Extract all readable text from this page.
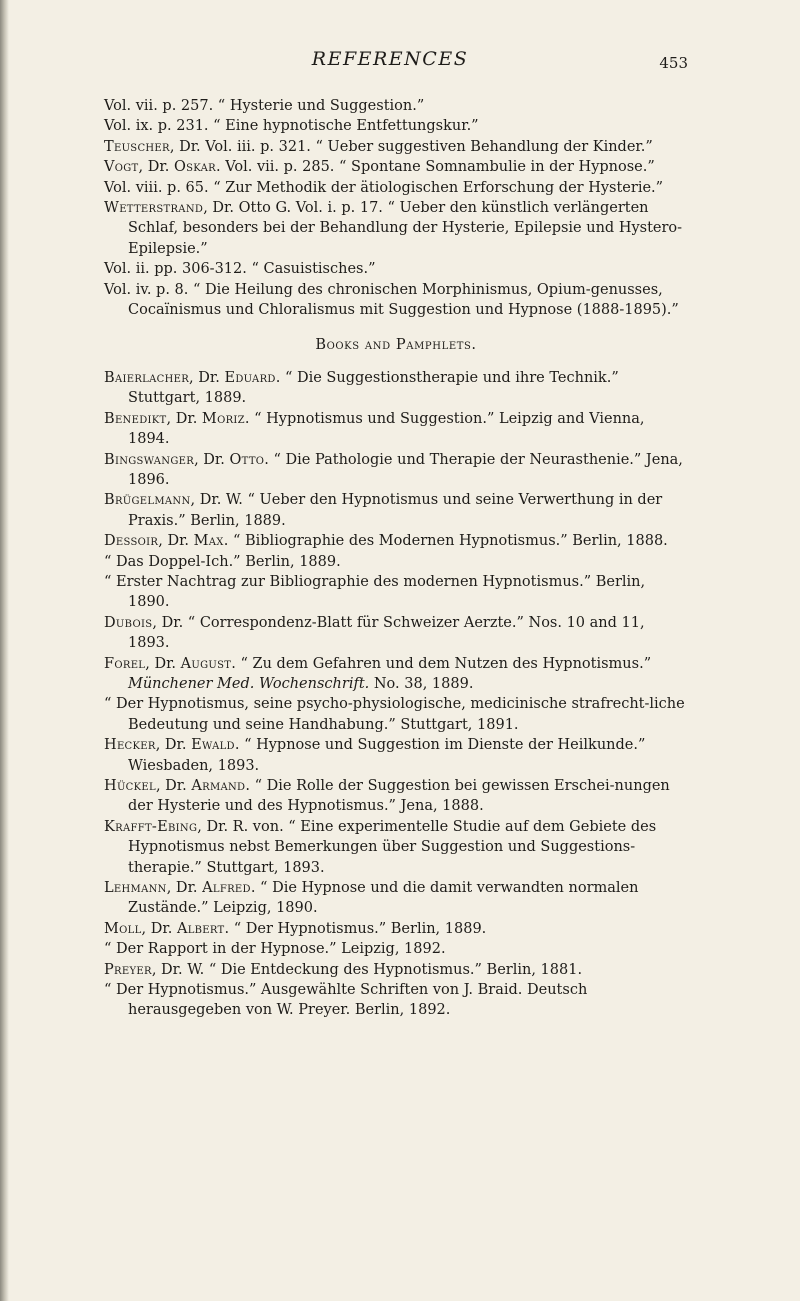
REFERENCES	453

Vol. vii. p. 257. “ Hysterie und Suggestion.”

Vol. ix. p. 231. “ Eine hypnotische Entfettungskur.”

Teuscher, Dr. Vol. iii. p. 321. “ Ueber suggestiven Behandlung der Kinder.”

Vogt, Dr. Oskar. Vol. vii. p. 285. “ Spontane Somnambulie in der Hypnose.”

Vol. viii. p. 65. “ Zur Methodik der ätiologischen Erforschung der Hysterie.”

Wetterstrand, Dr. Otto G. Vol. i. p. 17. “ Ueber den künstlich verlängerten Schlaf, besonders bei der Behandlung der Hysterie, Epilepsie und Hystero-Epilepsie.”

Vol. ii. pp. 306-312. “ Casuistisches.”

Vol. iv. p. 8. “ Die Heilung des chronischen Morphinismus, Opium-genusses, Cocaïnismus und Chloralismus mit Suggestion und Hypnose (1888-1895).”

Books and Pamphlets.

Baierlacher, Dr. Eduard. “ Die Suggestionstherapie und ihre Technik.” Stuttgart, 1889.

Benedikt, Dr. Moriz. “ Hypnotismus und Suggestion.” Leipzig and Vienna, 1894.

Bingswanger, Dr. Otto. “ Die Pathologie und Therapie der Neurasthenie.” Jena, 1896.

Brügelmann, Dr. W. “ Ueber den Hypnotismus und seine Verwerthung in der Praxis.” Berlin, 1889.

Dessoir, Dr. Max. “ Bibliographie des Modernen Hypnotismus.” Berlin, 1888.

“ Das Doppel-Ich.” Berlin, 1889.

“ Erster Nachtrag zur Bibliographie des modernen Hypnotismus.” Berlin, 1890.

Dubois, Dr. “ Correspondenz-Blatt für Schweizer Aerzte.” Nos. 10 and 11, 1893.

Forel, Dr. August. “ Zu dem Gefahren und dem Nutzen des Hypnotismus.” Münchener Med. Wochenschrift. No. 38, 1889.

“ Der Hypnotismus, seine psycho-physiologische, medicinische strafrecht-liche Bedeutung und seine Handhabung.” Stuttgart, 1891.

Hecker, Dr. Ewald. “ Hypnose und Suggestion im Dienste der Heilkunde.” Wiesbaden, 1893.

Hückel, Dr. Armand. “ Die Rolle der Suggestion bei gewissen Erschei-nungen der Hysterie und des Hypnotismus.” Jena, 1888.

Krafft-Ebing, Dr. R. von. “ Eine experimentelle Studie auf dem Gebiete des Hypnotismus nebst Bemerkungen über Suggestion und Suggestions-therapie.” Stuttgart, 1893.

Lehmann, Dr. Alfred. “ Die Hypnose und die damit verwandten normalen Zustände.” Leipzig, 1890.

Moll, Dr. Albert. “ Der Hypnotismus.” Berlin, 1889.

“ Der Rapport in der Hypnose.” Leipzig, 1892.

Preyer, Dr. W. “ Die Entdeckung des Hypnotismus.” Berlin, 1881.

“ Der Hypnotismus.” Ausgewählte Schriften von J. Braid. Deutsch herausgegeben von W. Preyer. Berlin, 1892.
